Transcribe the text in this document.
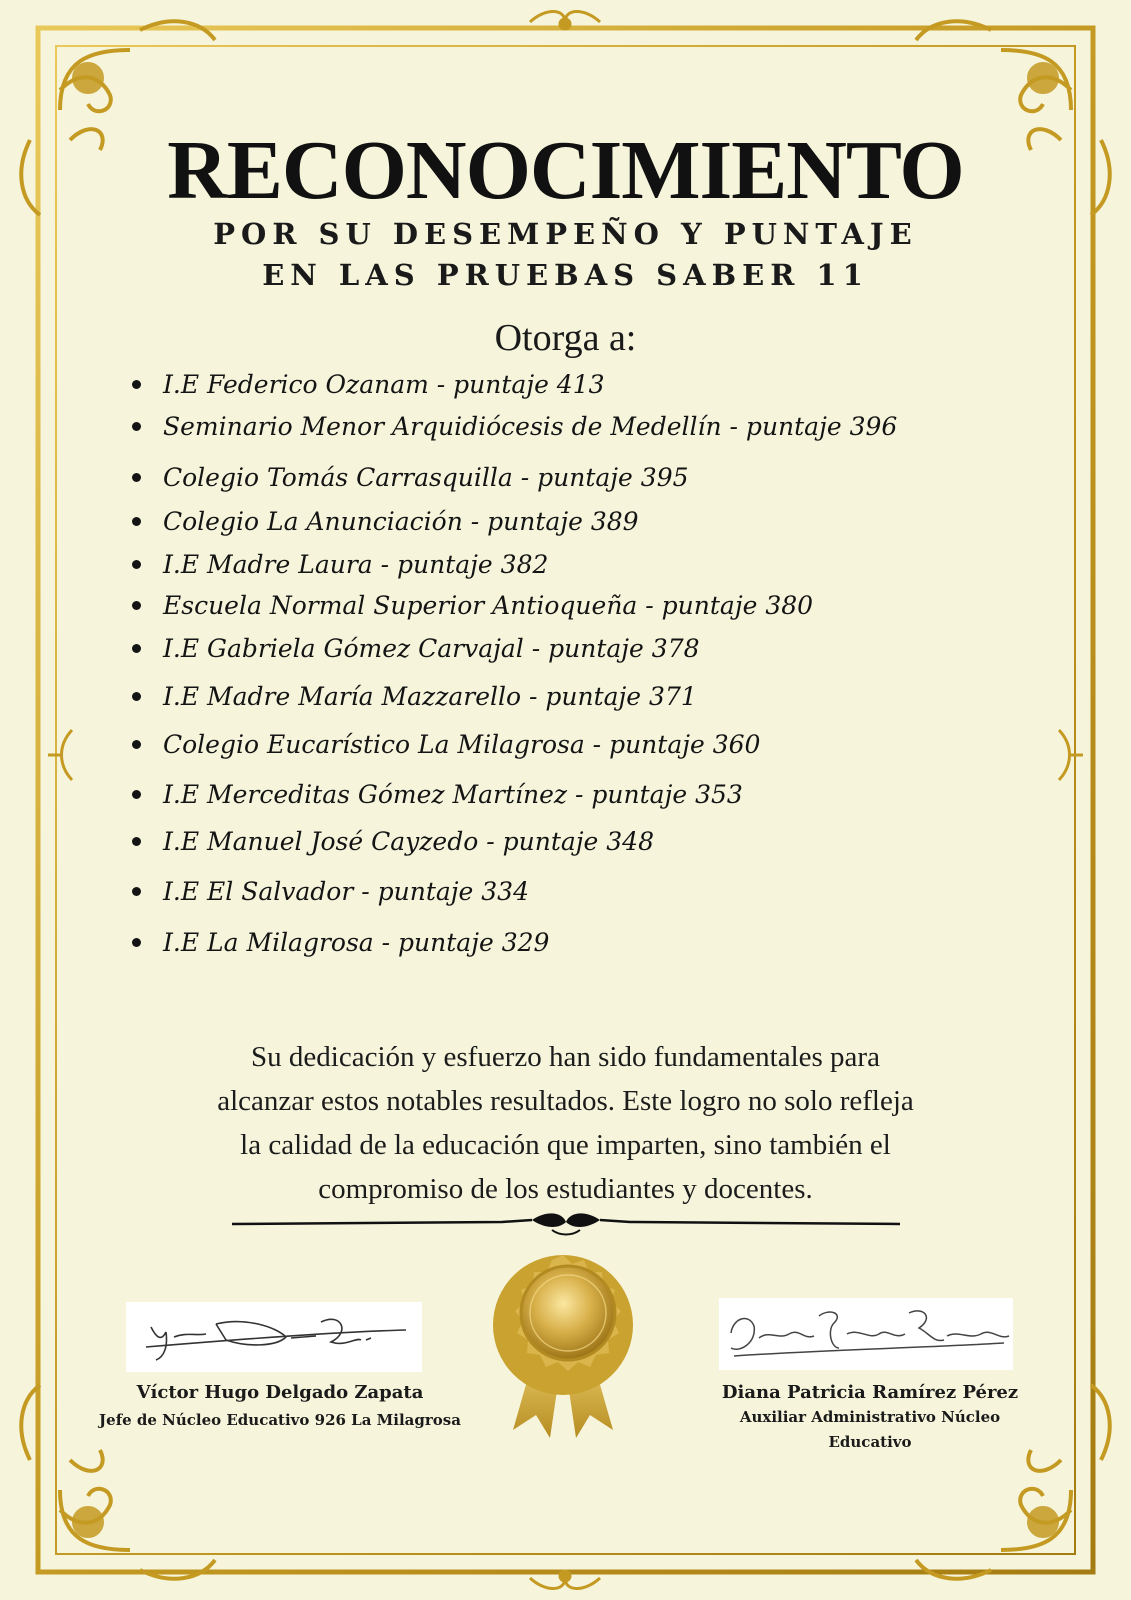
RECONOCIMIENTO
POR SU DESEMPEÑO Y PUNTAJE
EN LAS PRUEBAS SABER 11
Otorga a:
I.E Federico Ozanam - puntaje 413
Seminario Menor Arquidiócesis de Medellín - puntaje 396
Colegio Tomás Carrasquilla - puntaje 395
Colegio La Anunciación - puntaje 389
I.E Madre Laura - puntaje 382
Escuela Normal Superior Antioqueña - puntaje 380
I.E Gabriela Gómez Carvajal - puntaje 378
I.E Madre María Mazzarello - puntaje 371
Colegio Eucarístico La Milagrosa - puntaje 360
I.E Merceditas Gómez Martínez - puntaje 353
I.E Manuel José Cayzedo - puntaje 348
I.E El Salvador - puntaje 334
I.E La Milagrosa - puntaje 329
Su dedicación y esfuerzo han sido fundamentales para
alcanzar estos notables resultados. Este logro no solo refleja
la calidad de la educación que imparten, sino también el
compromiso de los estudiantes y docentes.
Víctor Hugo Delgado Zapata
Jefe de Núcleo Educativo 926 La Milagrosa
Diana Patricia Ramírez Pérez
Auxiliar Administrativo Núcleo
Educativo
